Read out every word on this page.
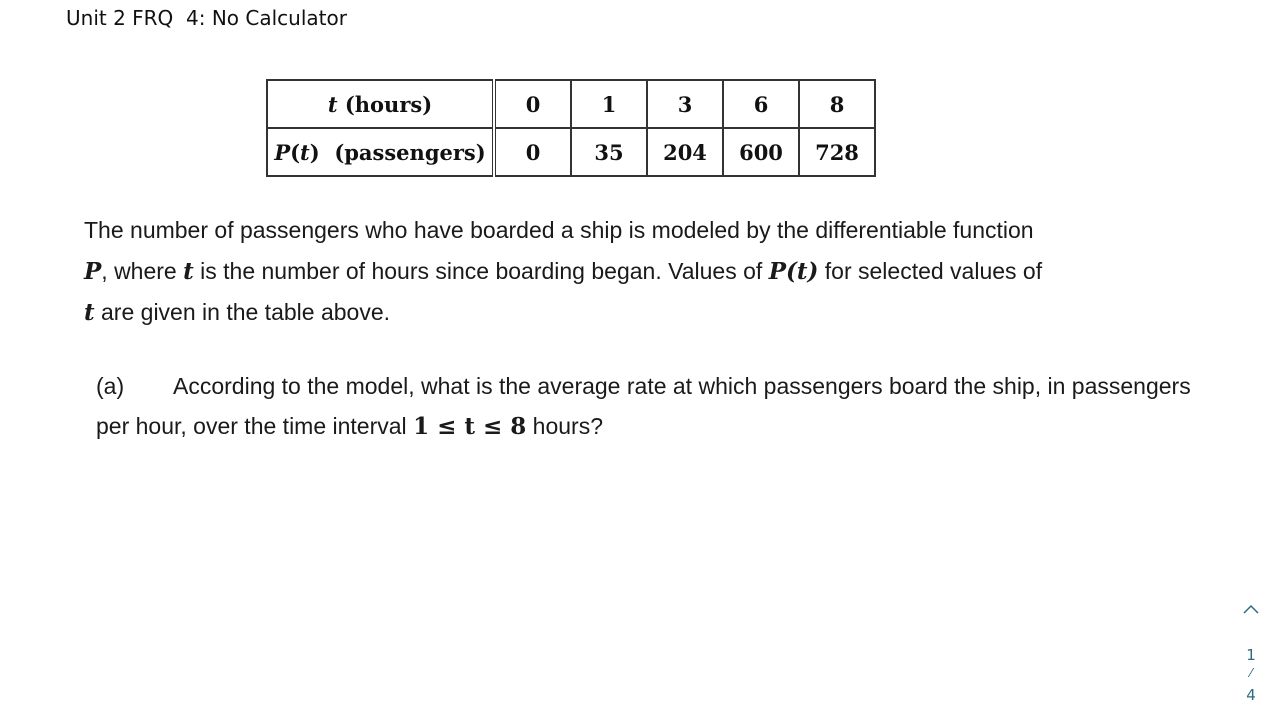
Unit 2 FRQ  4: No Calculator
t (hours)	0	1	3	6	8
P(t)  (passengers)	0	35	204	600	728
The number of passengers who have boarded a ship is modeled by the differentiable function
P, where t is the number of hours since boarding began. Values of P(t) for selected values of
t are given in the table above.
(a) According to the model, what is the average rate at which passengers board the ship, in passengers per hour, over the time interval 1 ≤ t ≤ 8 hours?
1
⁄
4
